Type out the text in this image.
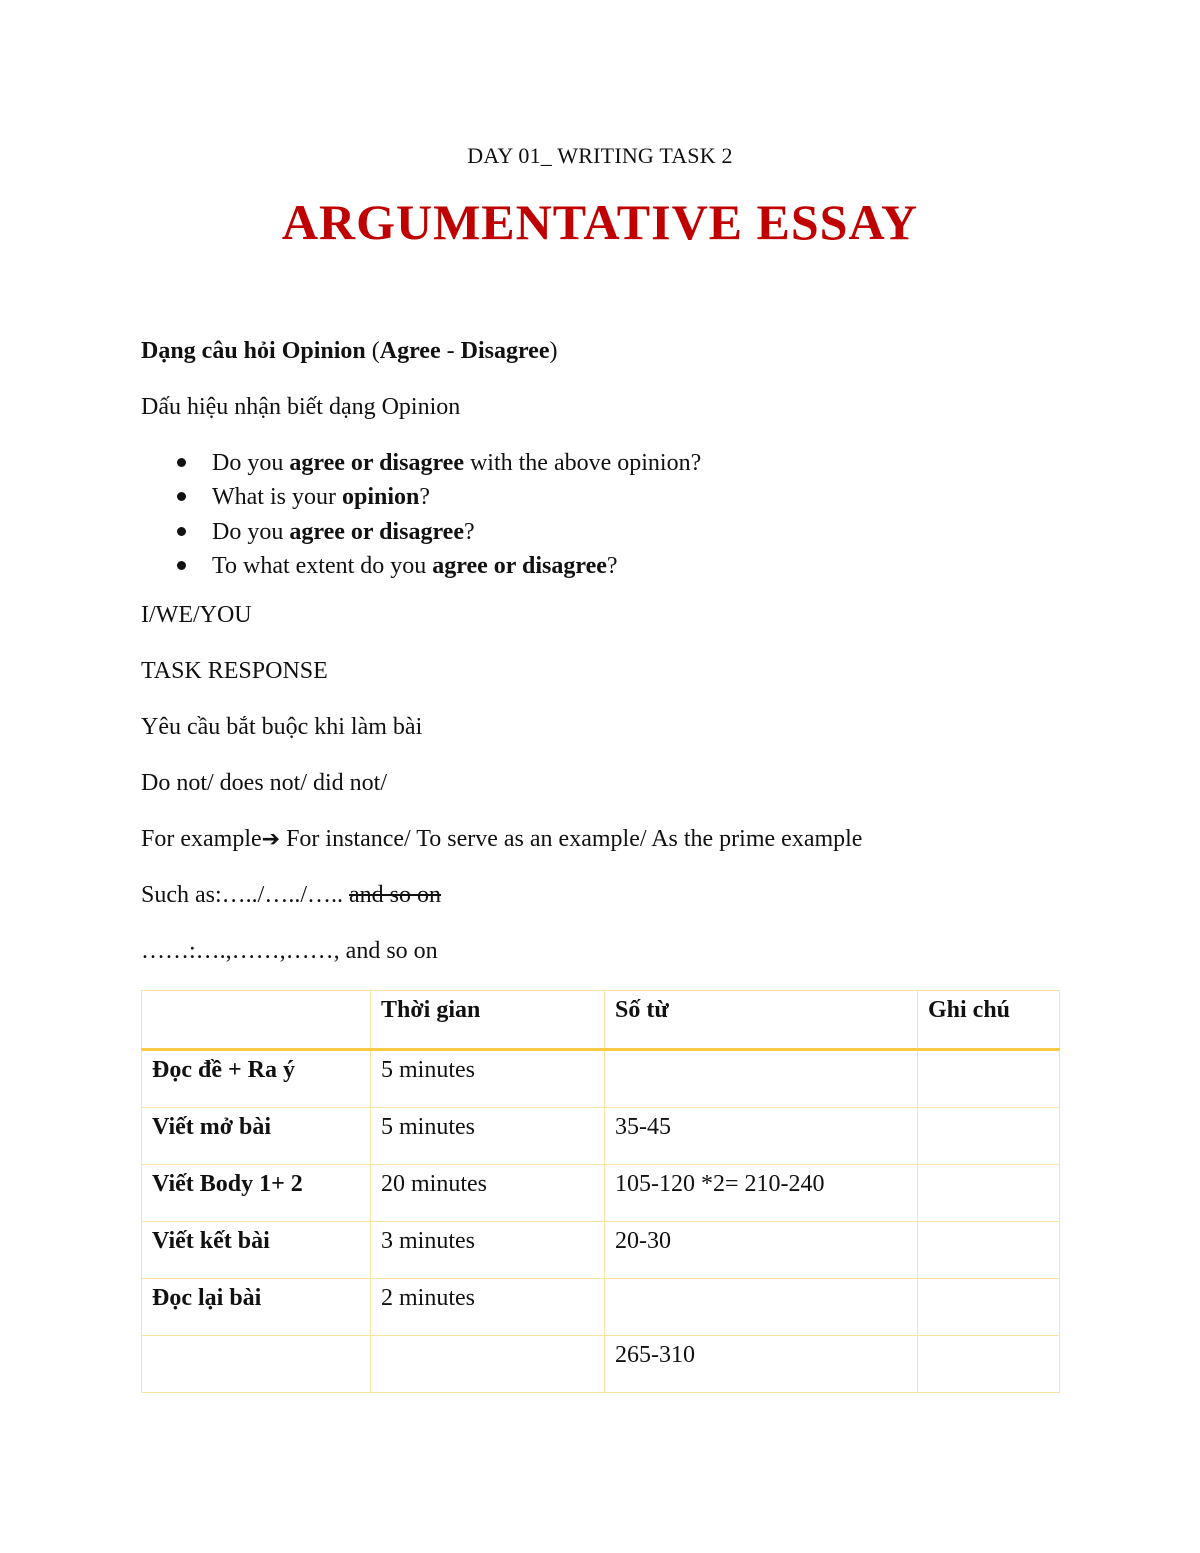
DAY 01_ WRITING TASK 2
ARGUMENTATIVE ESSAY
Dạng câu hỏi Opinion (Agree - Disagree)
Dấu hiệu nhận biết dạng Opinion
Do you agree or disagree with the above opinion?
What is your opinion?
Do you agree or disagree?
To what extent do you agree or disagree?
I/WE/YOU
TASK RESPONSE
Yêu cầu bắt buộc khi làm bài
Do not/ does not/ did not/
For example➔ For instance/ To serve as an example/ As the prime example
Such as:…../…../….. and so on
……:….,……,……, and so on
	Thời gian	Số từ	Ghi chú
Đọc đề + Ra ý	5 minutes		
Viết mở bài	5 minutes	35-45	
Viết Body 1+ 2	20 minutes	105-120 *2= 210-240	
Viết kết bài	3 minutes	20-30	
Đọc lại bài	2 minutes		
		265-310	
